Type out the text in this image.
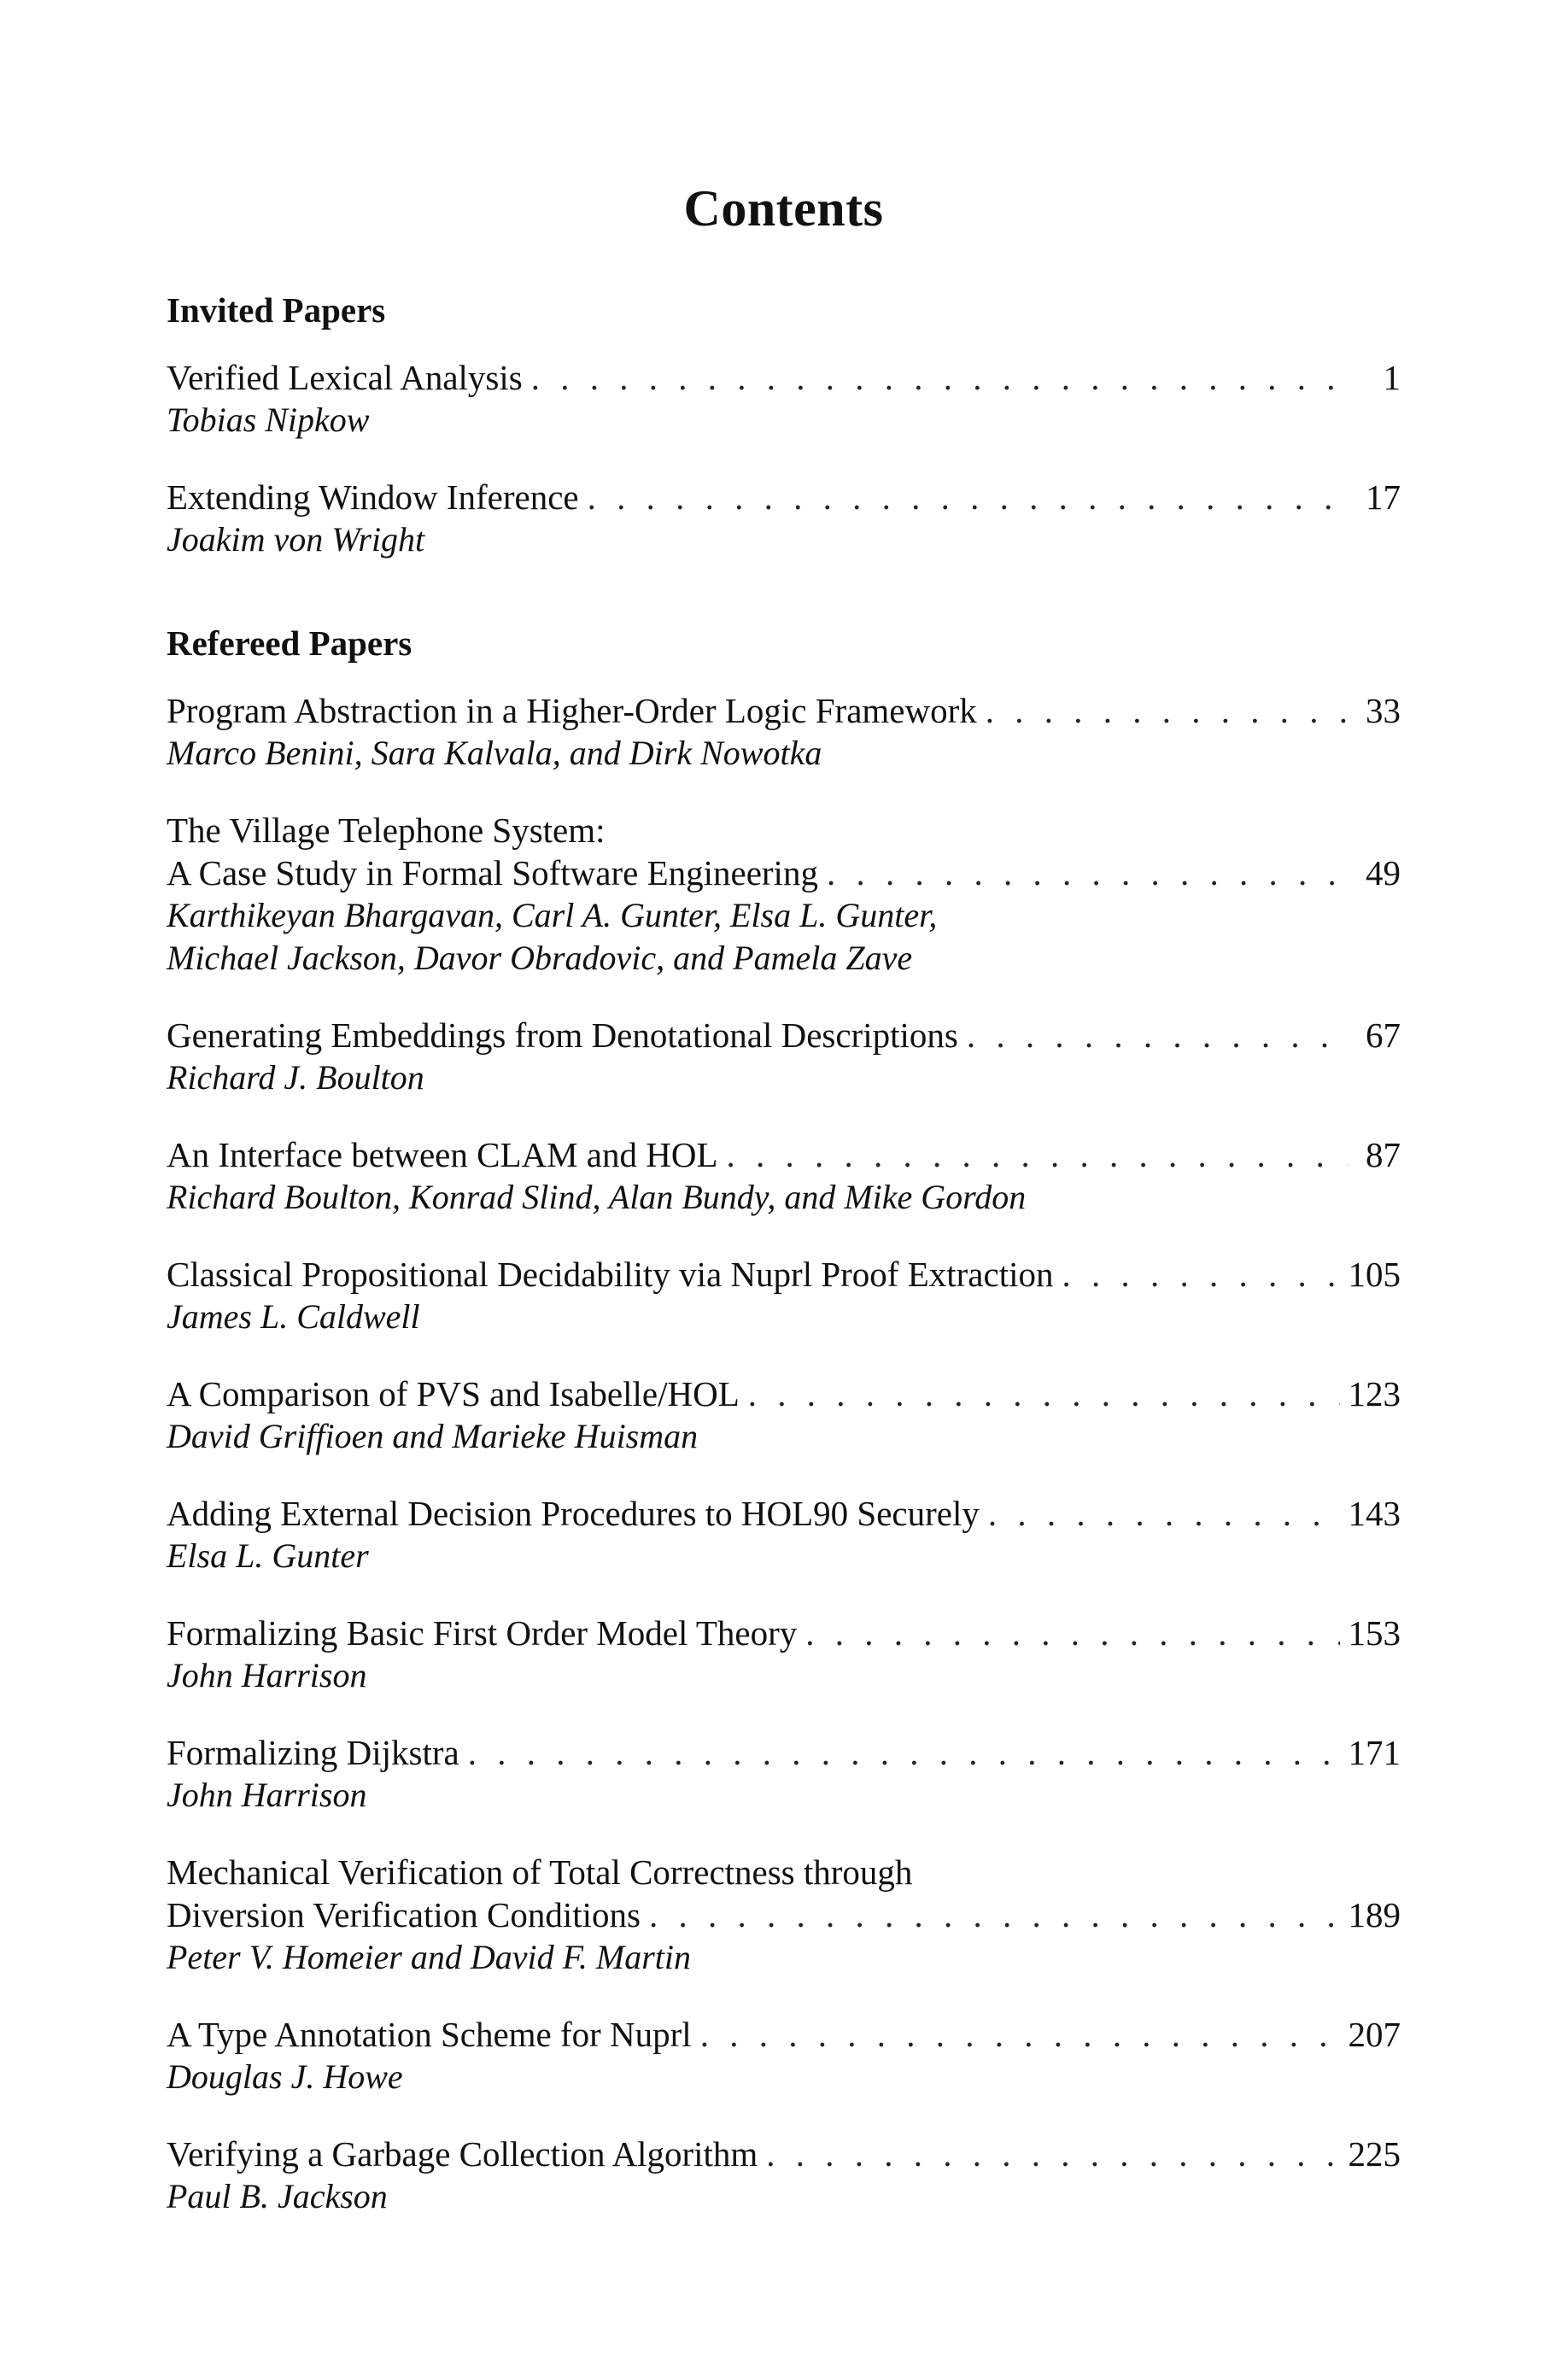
Contents
Invited Papers
Verified Lexical Analysis . . .	1
Tobias Nipkow
Extending Window Inference . . .	17
Joakim von Wright
Refereed Papers
Program Abstraction in a Higher-Order Logic Framework . . .	33
Marco Benini, Sara Kalvala, and Dirk Nowotka
The Village Telephone System:
A Case Study in Formal Software Engineering . . .	49
Karthikeyan Bhargavan, Carl A. Gunter, Elsa L. Gunter,
Michael Jackson, Davor Obradovic, and Pamela Zave
Generating Embeddings from Denotational Descriptions . . .	67
Richard J. Boulton
An Interface between CLAM and HOL . . .	87
Richard Boulton, Konrad Slind, Alan Bundy, and Mike Gordon
Classical Propositional Decidability via Nuprl Proof Extraction . . .	105
James L. Caldwell
A Comparison of PVS and Isabelle/HOL . . .	123
David Griffioen and Marieke Huisman
Adding External Decision Procedures to HOL90 Securely . . .	143
Elsa L. Gunter
Formalizing Basic First Order Model Theory . . .	153
John Harrison
Formalizing Dijkstra . . .	171
John Harrison
Mechanical Verification of Total Correctness through
Diversion Verification Conditions . . .	189
Peter V. Homeier and David F. Martin
A Type Annotation Scheme for Nuprl . . .	207
Douglas J. Howe
Verifying a Garbage Collection Algorithm . . .	225
Paul B. Jackson
